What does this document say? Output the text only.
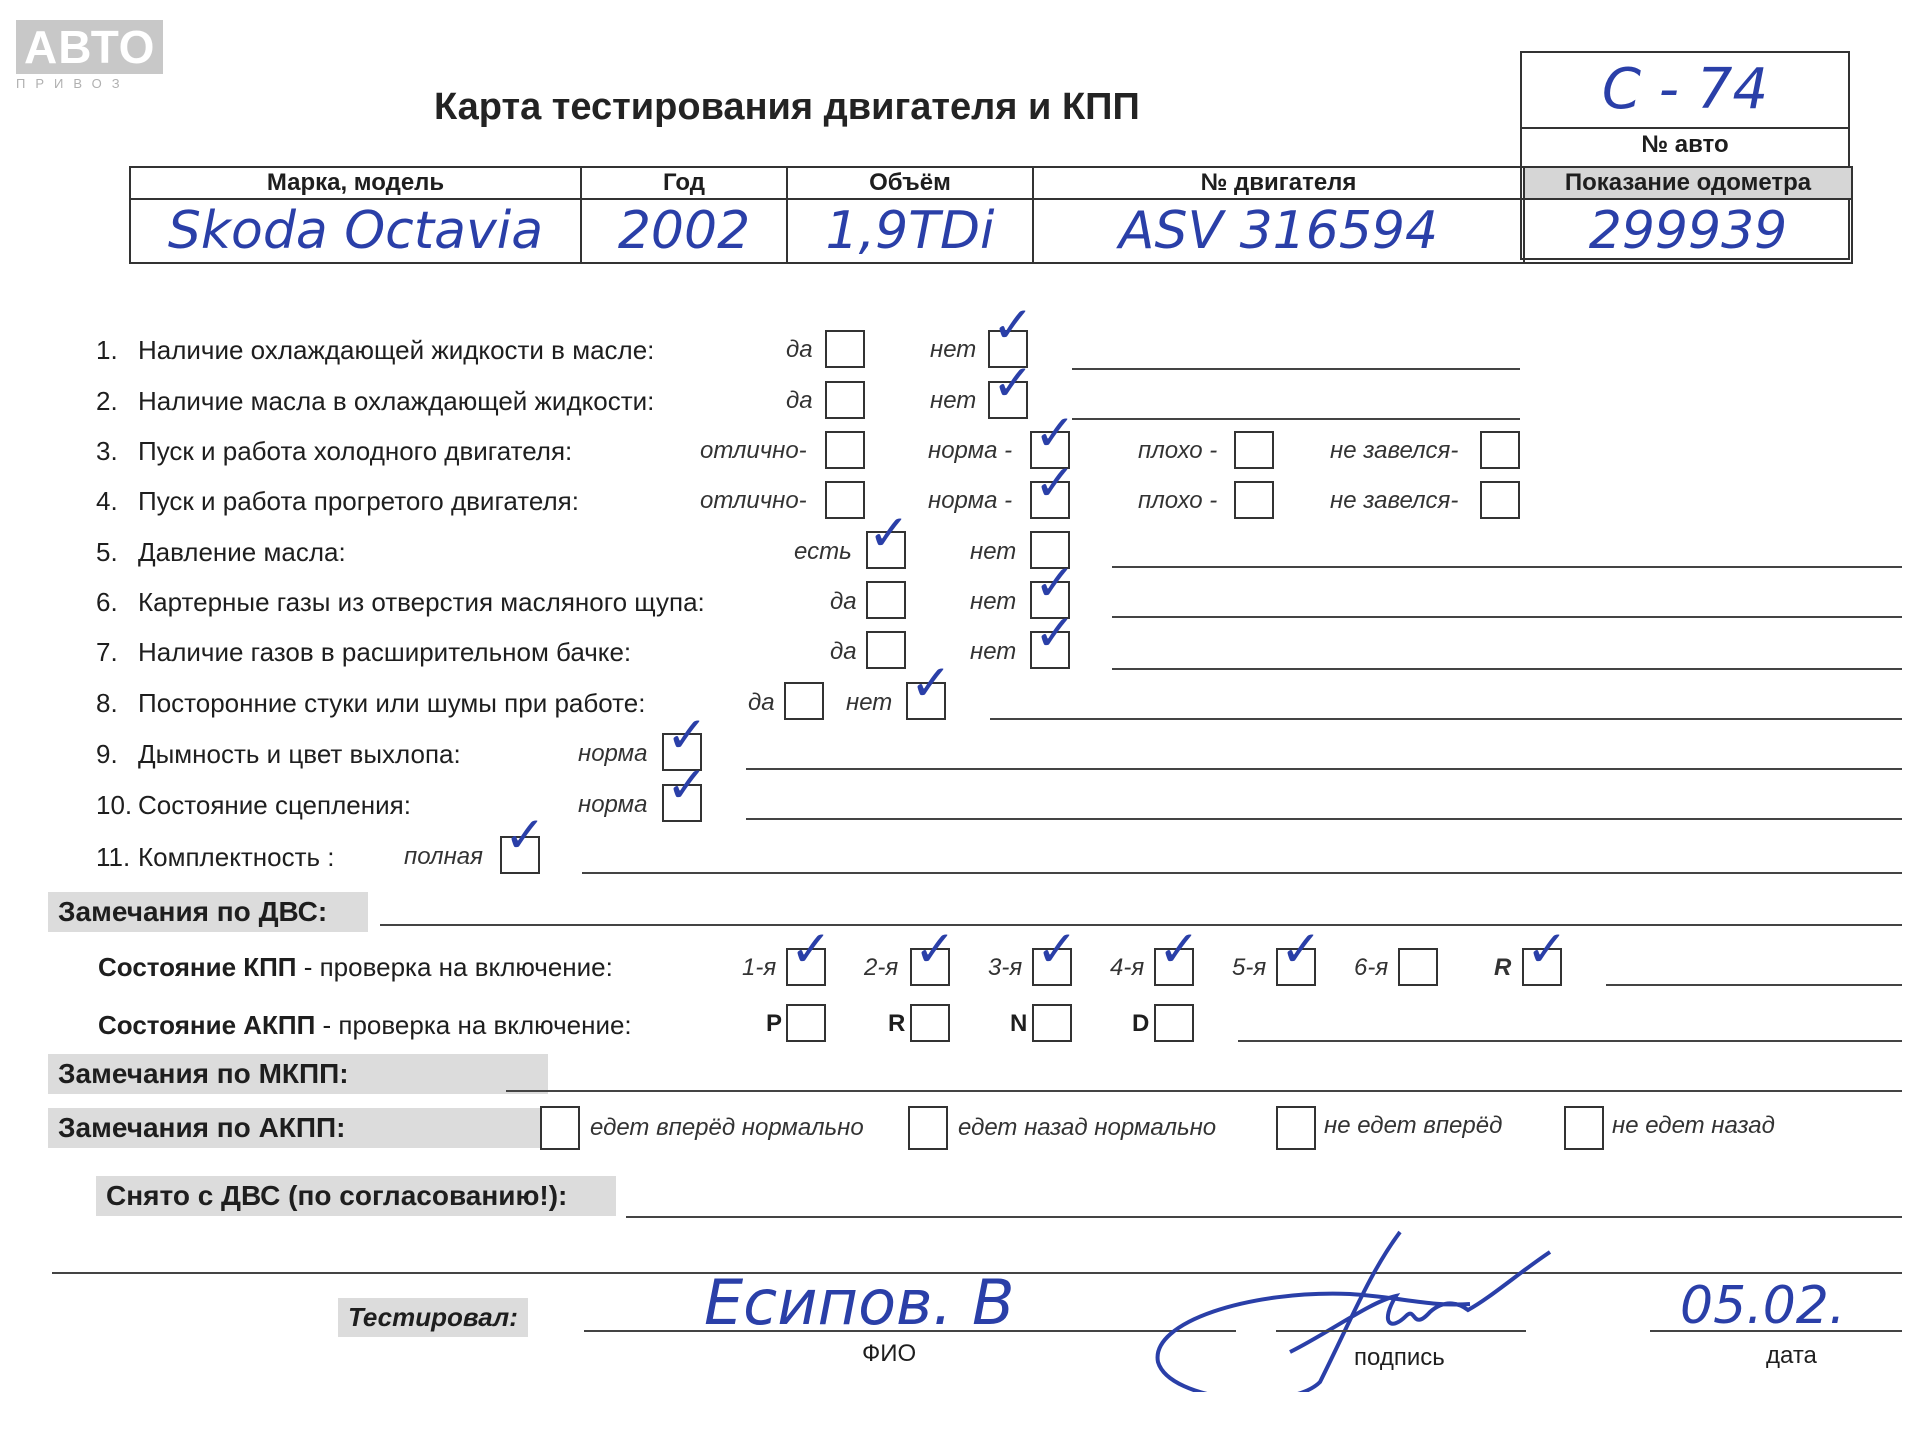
АВТО
ПРИВОЗ
Карта тестирования двигателя и КПП	С - 74
№ авто
Марка, модель	Год	Объём	№ двигателя	Показание одометра
Skoda Octavia	2002	1,9TDi	ASV 316594	299939
1. Наличие охлаждающей жидкости в масле:	да	нет ✓
2. Наличие масла в охлаждающей жидкости:	да	нет ✓
3. Пуск и работа холодного двигателя:	отлично-	норма - ✓	плохо -	не завелся-
4. Пуск и работа прогретого двигателя:	отлично-	норма - ✓	плохо -	не завелся-
5. Давление масла:	есть ✓	нет
6. Картерные газы из отверстия масляного щупа:	да	нет ✓
7. Наличие газов в расширительном бачке:	да	нет ✓
8. Посторонние стуки или шумы при работе:	да	нет ✓
9. Дымность и цвет выхлопа:	норма ✓
10. Состояние сцепления:	норма ✓
11. Комплектность :	полная ✓
Замечания по ДВС:
Состояние КПП - проверка на включение:	1-я ✓ 2-я ✓ 3-я ✓ 4-я ✓ 5-я ✓ 6-я	R ✓
Состояние АКПП - проверка на включение:	P	R	N	D
Замечания по МКПП:
Замечания по АКПП:	едет вперёд нормально	едет назад нормально	не едет вперёд	не едет назад
Снято с ДВС (по согласованию!):
Тестировал:	Есипов. В
ФИО	подпись
05.02.
дата
